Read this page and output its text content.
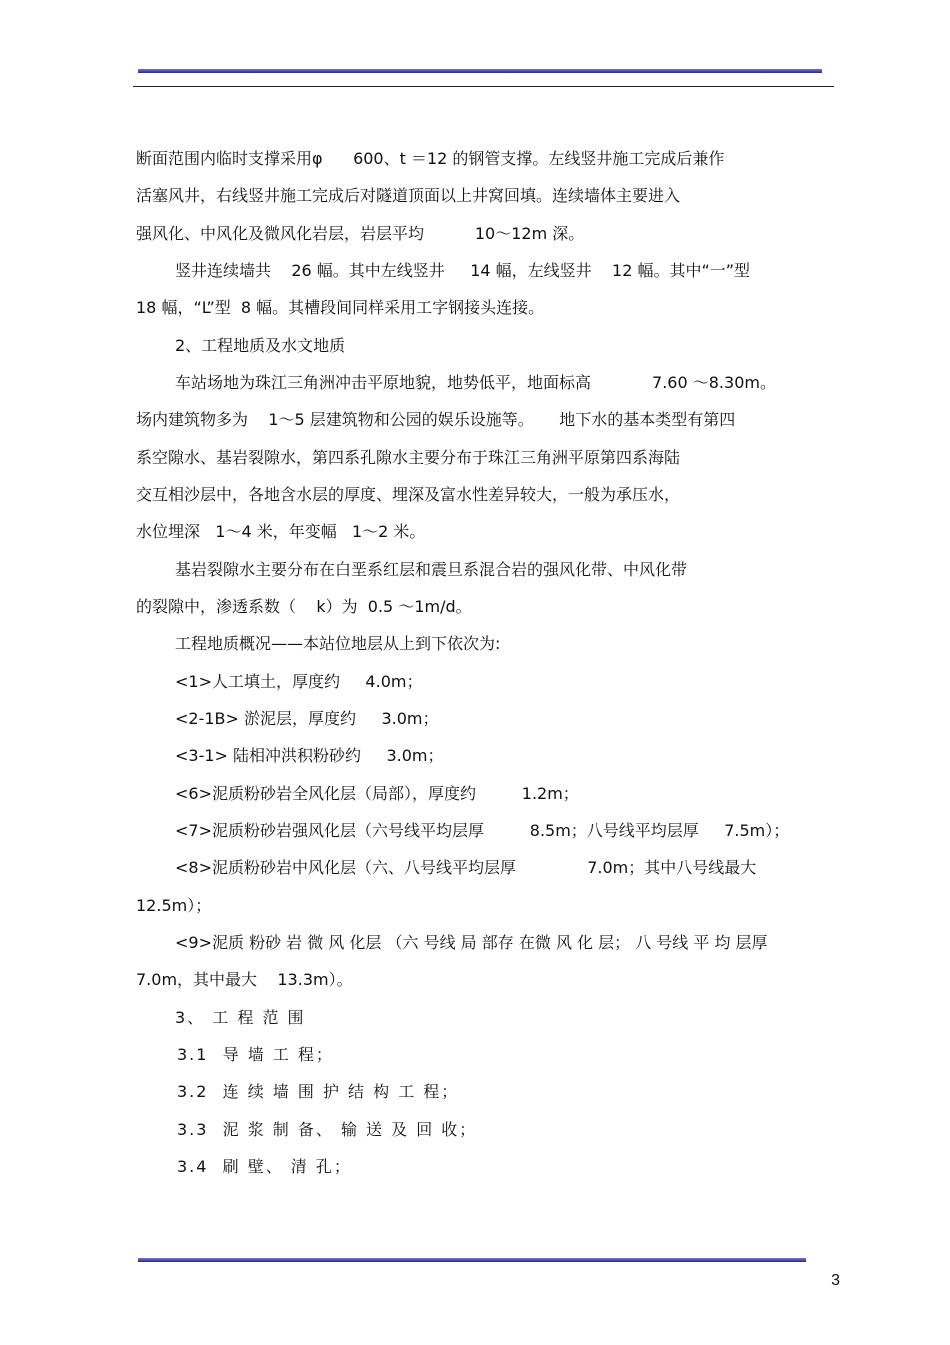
断面范围内临时支撑采用φ      600、t ＝12 的钢管支撑。左线竖井施工完成后兼作
活塞风井，右线竖井施工完成后对隧道顶面以上井窝回填。连续墙体主要进入
强风化、中风化及微风化岩层，岩层平均          10～12m 深。
竖井连续墙共    26 幅。其中左线竖井     14 幅，左线竖井    12 幅。其中“一”型
18 幅，“L”型  8 幅。其槽段间同样采用工字钢接头连接。
2、工程地质及水文地质
车站场地为珠江三角洲冲击平原地貌，地势低平，地面标高            7.60 ～8.30m。
场内建筑物多为    1～5 层建筑物和公园的娱乐设施等。     地下水的基本类型有第四
系空隙水、基岩裂隙水，第四系孔隙水主要分布于珠江三角洲平原第四系海陆
交互相沙层中，各地含水层的厚度、埋深及富水性差异较大，一般为承压水，
水位埋深   1～4 米，年变幅   1～2 米。
基岩裂隙水主要分布在白垩系红层和震旦系混合岩的强风化带、中风化带
的裂隙中，渗透系数（    k）为  0.5 ～1m/d。
工程地质概况——本站位地层从上到下依次为:
<1>人工填土，厚度约     4.0m；
<2-1B> 淤泥层，厚度约     3.0m；
<3-1> 陆相冲洪积粉砂约     3.0m；
<6>泥质粉砂岩全风化层（局部），厚度约         1.2m；
<7>泥质粉砂岩强风化层（六号线平均层厚         8.5m；八号线平均层厚     7.5m）；
<8>泥质粉砂岩中风化层（六、八号线平均层厚              7.0m；其中八号线最大
12.5m）；
<9>泥质 粉砂 岩 微 风 化层 （六 号线 局 部存 在微 风 化 层； 八 号线 平 均 层厚
7.0m，其中最大    13.3m）。
3、 工 程 范 围
3.1  导 墙 工 程；
3.2  连 续 墙 围 护 结 构 工 程；
3.3  泥 浆 制 备、 输 送 及 回 收；
3.4  刷 壁、 清 孔；
3
